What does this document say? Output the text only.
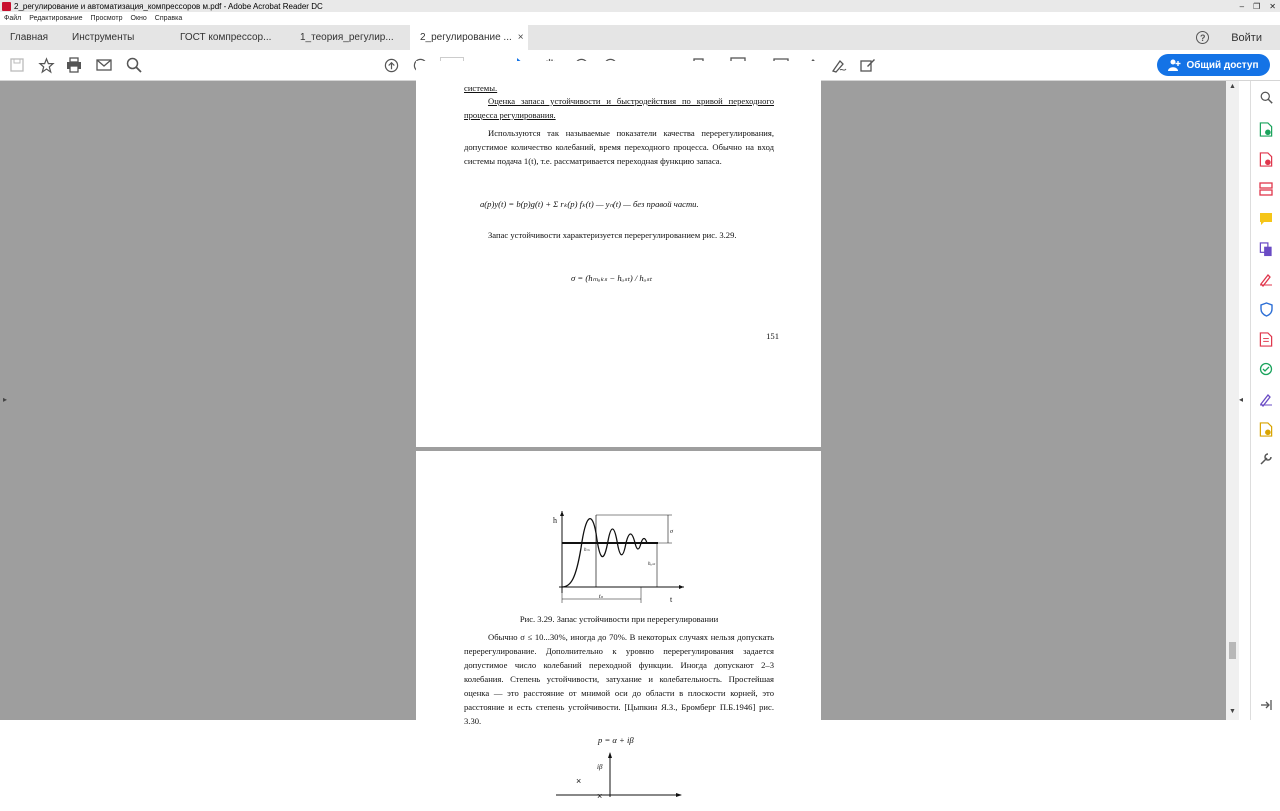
2_регулирование и автоматизация_компрессоров м.pdf - Adobe Acrobat Reader DC	– ❐ ✕
Файл Редактирование Просмотр Окно Справка
Главная	Инструменты	ГОСТ компрессор...	1_теория_регулир...	2_регулирование ... ×	?	Войти
Общий доступ
▸
системы.
Оценка запаса устойчивости и быстродействия по кривой переходного процесса регулирования.
Используются так называемые показатели качества перерегулирования, допустимое количество колебаний, время переходного процесса. Обычно на вход системы подача 1(t), т.е. рассматривается переходная функцию запаса.
a(p)y(t) = b(p)g(t) + Σ rₖ(p) fₖ(t) — yₙ(t) — без правой части.
Запас устойчивости характеризуется перерегулированием рис. 3.29.
σ = (hₘₐₖₛ − hᵤₛₜ) / hᵤₛₜ
151
h
t
tₙ
σ
hₘ
hᵤₛₜ
Рис. 3.29. Запас устойчивости при перерегулировании
Обычно σ ≤ 10...30%, иногда до 70%. В некоторых случаях нельзя допускать перерегулирование. Дополнительно к уровню перерегулирования задается допустимое число колебаний переходной функции. Иногда допускают 2–3 колебания. Степень устойчивости, затухание и колебательность. Простейшая оценка — это расстояние от мнимой оси до области в плоскости корней, это расстояние и есть степень устойчивости. [Цыпкин Я.З., Бромберг П.Б.1946] рис. 3.30.
p = α + iβ
iβ
×
×
▲
▼
◂
